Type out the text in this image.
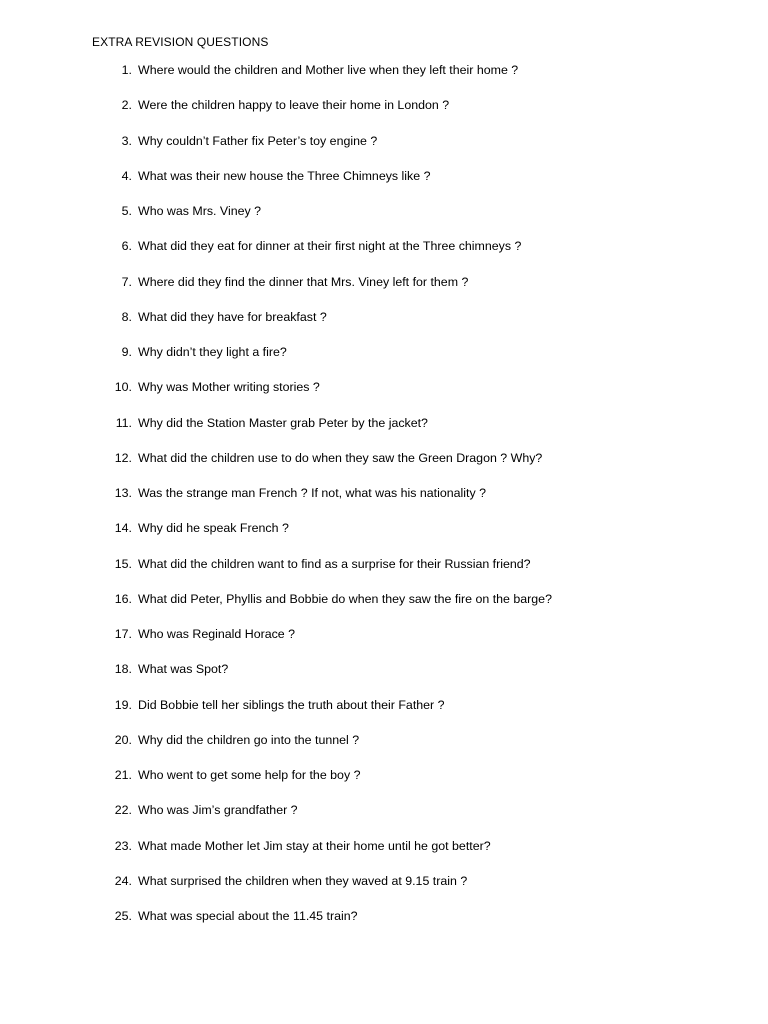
EXTRA REVISION QUESTIONS
1. Where would the children and Mother live when they left their home ?
2. Were the children happy to leave their home in London ?
3. Why couldn’t Father fix Peter’s toy engine ?
4. What was their new house the Three Chimneys like ?
5. Who was Mrs. Viney ?
6. What did they eat for dinner at their first night at the Three chimneys ?
7. Where did they find the dinner that Mrs. Viney left for them ?
8. What did they have for breakfast ?
9. Why didn’t they light a fire?
10. Why was Mother writing stories ?
11. Why did the Station Master grab Peter by the jacket?
12. What did the children use to do when they saw the Green Dragon ? Why?
13. Was the strange man French ? If not, what was his nationality ?
14. Why did he speak French ?
15. What did the children want to find as a surprise for their Russian friend?
16. What did Peter, Phyllis and Bobbie do when they saw the fire on the barge?
17. Who was Reginald Horace ?
18. What was Spot?
19. Did Bobbie tell her siblings the truth about their Father ?
20. Why did the children go into the tunnel ?
21. Who went to get some help for the boy ?
22. Who was Jim’s grandfather ?
23. What made Mother let Jim stay at their home until he got better?
24. What surprised the children when they waved at 9.15 train ?
25. What was special about the 11.45 train?
